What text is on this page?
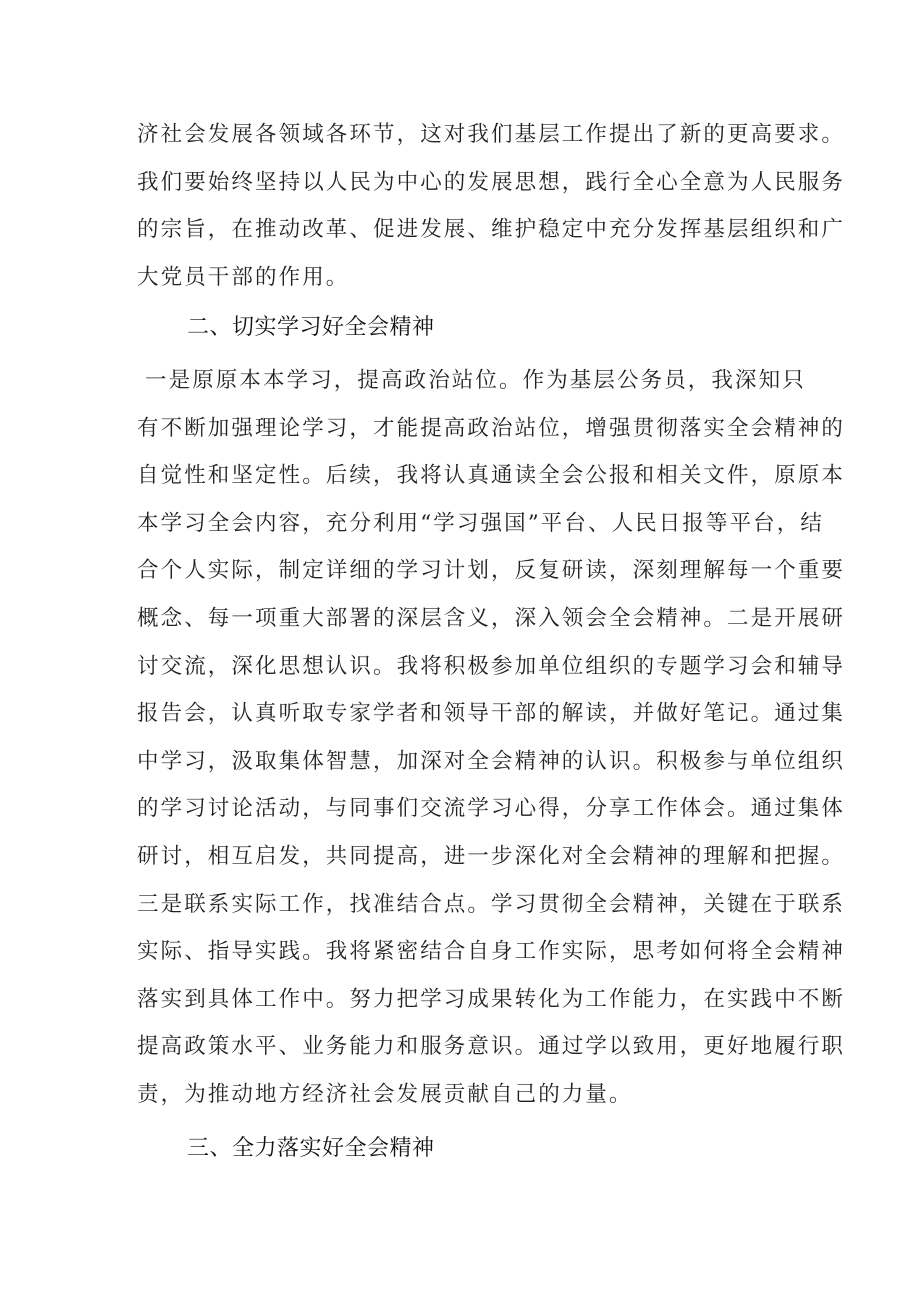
济社会发展各领域各环节，这对我们基层工作提出了新的更高要求。
我们要始终坚持以人民为中心的发展思想，践行全心全意为人民服务
的宗旨，在推动改革、促进发展、维护稳定中充分发挥基层组织和广
大党员干部的作用。
二、切实学习好全会精神
一是原原本本学习，提高政治站位。作为基层公务员，我深知只
有不断加强理论学习，才能提高政治站位，增强贯彻落实全会精神的
自觉性和坚定性。后续，我将认真通读全会公报和相关文件，原原本
本学习全会内容，充分利用“学习强国”平台、人民日报等平台，结
合个人实际，制定详细的学习计划，反复研读，深刻理解每一个重要
概念、每一项重大部署的深层含义，深入领会全会精神。二是开展研
讨交流，深化思想认识。我将积极参加单位组织的专题学习会和辅导
报告会，认真听取专家学者和领导干部的解读，并做好笔记。通过集
中学习，汲取集体智慧，加深对全会精神的认识。积极参与单位组织
的学习讨论活动，与同事们交流学习心得，分享工作体会。通过集体
研讨，相互启发，共同提高，进一步深化对全会精神的理解和把握。
三是联系实际工作，找准结合点。学习贯彻全会精神，关键在于联系
实际、指导实践。我将紧密结合自身工作实际，思考如何将全会精神
落实到具体工作中。努力把学习成果转化为工作能力，在实践中不断
提高政策水平、业务能力和服务意识。通过学以致用，更好地履行职
责，为推动地方经济社会发展贡献自己的力量。
三、全力落实好全会精神
